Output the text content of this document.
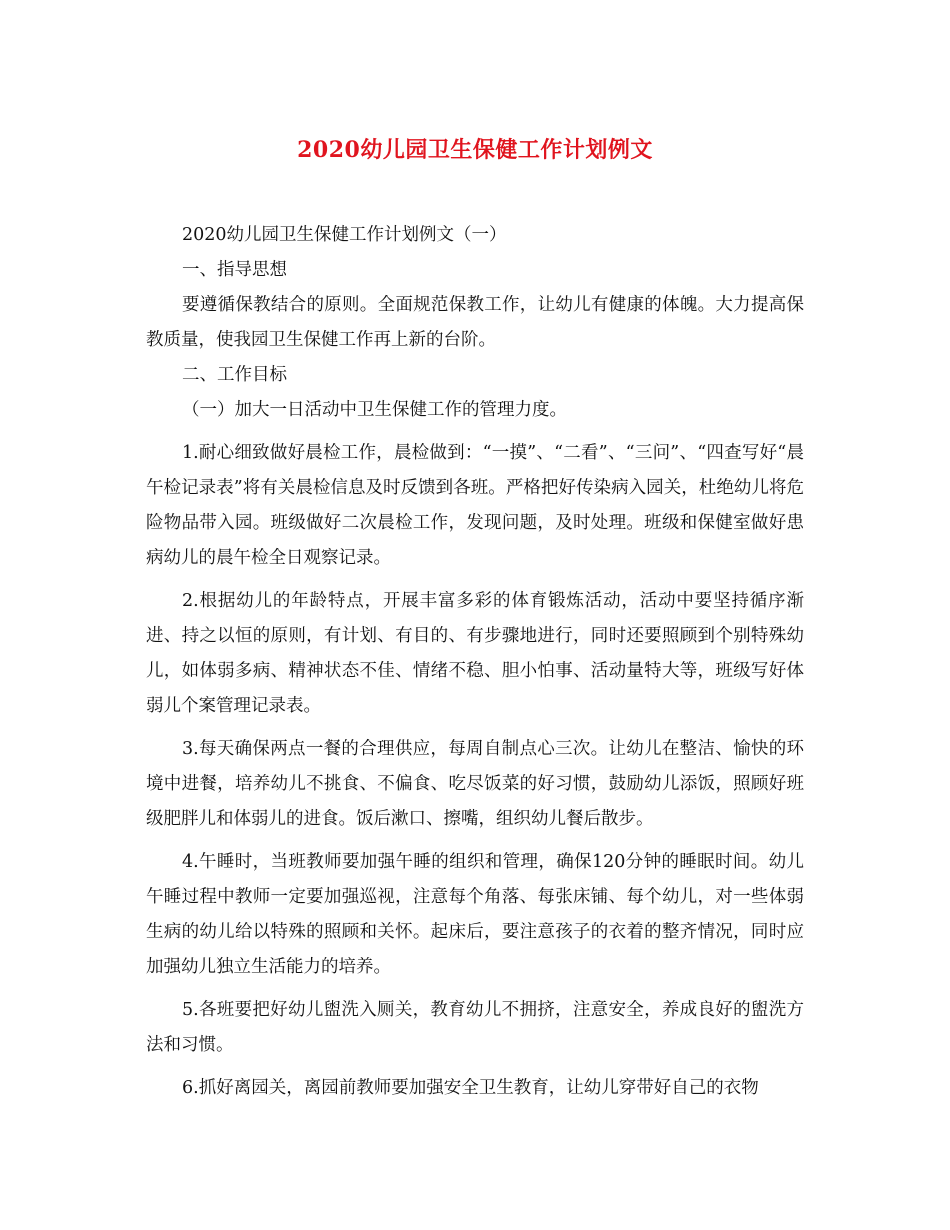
2020幼儿园卫生保健工作计划例文

2020幼儿园卫生保健工作计划例文（一）

一、指导思想

要遵循保教结合的原则。全面规范保教工作，让幼儿有健康的体魄。大力提高保教质量，使我园卫生保健工作再上新的台阶。

二、工作目标

（一）加大一日活动中卫生保健工作的管理力度。

1.耐心细致做好晨检工作，晨检做到：“一摸”、“二看”、“三问”、“四查写好“晨午检记录表”将有关晨检信息及时反馈到各班。严格把好传染病入园关，杜绝幼儿将危险物品带入园。班级做好二次晨检工作，发现问题，及时处理。班级和保健室做好患病幼儿的晨午检全日观察记录。

2.根据幼儿的年龄特点，开展丰富多彩的体育锻炼活动，活动中要坚持循序渐进、持之以恒的原则，有计划、有目的、有步骤地进行，同时还要照顾到个别特殊幼儿，如体弱多病、精神状态不佳、情绪不稳、胆小怕事、活动量特大等，班级写好体弱儿个案管理记录表。

3.每天确保两点一餐的合理供应，每周自制点心三次。让幼儿在整洁、愉快的环境中进餐，培养幼儿不挑食、不偏食、吃尽饭菜的好习惯，鼓励幼儿添饭，照顾好班级肥胖儿和体弱儿的进食。饭后漱口、擦嘴，组织幼儿餐后散步。

4.午睡时，当班教师要加强午睡的组织和管理，确保120分钟的睡眠时间。幼儿午睡过程中教师一定要加强巡视，注意每个角落、每张床铺、每个幼儿，对一些体弱生病的幼儿给以特殊的照顾和关怀。起床后，要注意孩子的衣着的整齐情况，同时应加强幼儿独立生活能力的培养。

5.各班要把好幼儿盥洗入厕关，教育幼儿不拥挤，注意安全，养成良好的盥洗方法和习惯。

6.抓好离园关，离园前教师要加强安全卫生教育，让幼儿穿带好自己的衣物
